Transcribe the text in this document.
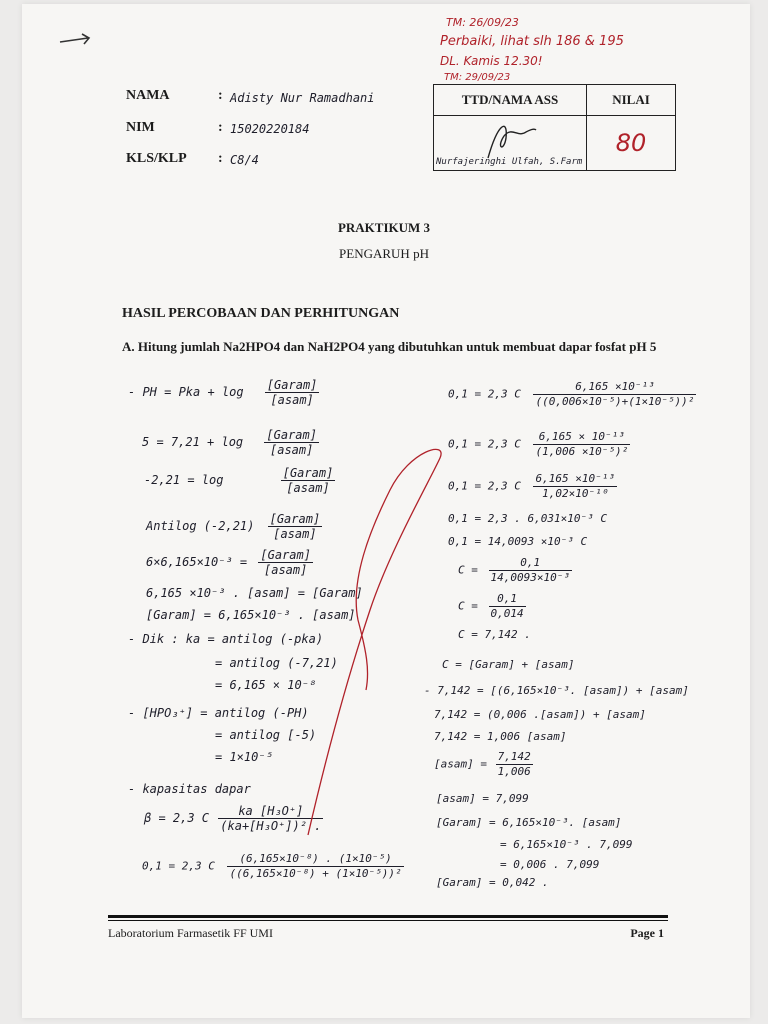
TM: 26/09/23
Perbaiki, lihat slh 186 & 195
DL. Kamis 12.30!
TM: 29/09/23
NAMA	: Adisty Nur Ramadhani
NIM	: 15020220184
KLS/KLP : C8/4
TTD/NAMA ASS	NILAI

Nurfajeringhi Ulfah, S.Farm	80
PRAKTIKUM 3
PENGARUH pH
HASIL PERCOBAAN DAN PERHITUNGAN
A. Hitung jumlah Na2HPO4 dan NaH2PO4 yang dibutuhkan untuk membuat dapar fosfat pH 5
- PH = Pka + $\log \frac{\text{[Garam]}}{\text{[asam]}}$
$5 = 7,21 + \log \frac{\text{[Garam]}}{\text{[asam]}}$
-2,21 = log	$\frac{\text{[Garam]}}{\text{[asam]}}$
Antilog $(-2,21) \frac{\text{[Garam]}}{\text{[asam]}}$
$6\times 6,165\times 10^{-3} = \frac{\text{[Garam]}}{\text{[asam]}}$
6,165 ×10⁻³ . [asam] = [Garam]
[Garam] = 6,165×10⁻³ . [asam]
- Dik : ka = antilog (-pka)
= antilog (-7,21)
= 6,165 × 10⁻⁸
- [HPO₃⁺] = antilog (-PH)
= antilog [-5)
= 1×10⁻⁵
- kapasitas dapar
β = 2,3 C $\frac{\text{ka [H₃O⁺]}}{\text{(ka+[H₃O⁺])² .}}$
0,1 = 2,3 C $\frac{\text{(6,165×10⁻⁸) . (1×10⁻⁵)}}{\text{((6,165×10⁻⁸) + (1×10⁻⁵))²}}$
0,1 = 2,3 C $\frac{\text{6,165 ×10⁻¹³}}{\text{((0,006×10⁻⁵)+(1×10⁻⁵))²}}$
0,1 = 2,3 C $\frac{\text{6,165 × 10⁻¹³}}{\text{(1,006 ×10⁻⁵)²}}$
0,1 = 2,3 C $\frac{\text{6,165 ×10⁻¹³}}{\text{1,02×10⁻¹⁰}}$
0,1 = 2,3 . 6,031×10⁻³ C
0,1 = 14,0093 ×10⁻³ C
$C = \frac{0,1}{\text{14,0093×10⁻³}}$
$C = \frac{0,1}{0,014}$
C = 7,142 .
C = [Garam] + [asam]
- 7,142 = [(6,165×10⁻³. [asam]) + [asam]
7,142 = (0,006 .[asam]) + [asam]
7,142 = 1,006 [asam]
[asam] = $\frac{7,142}{1,006}$
[asam] = 7,099
[Garam] = 6,165×10⁻³. [asam]
= 6,165×10⁻³ . 7,099
= 0,006 . 7,099
[Garam] = 0,042 .
Laboratorium Farmasetik FF UMI	Page 1
